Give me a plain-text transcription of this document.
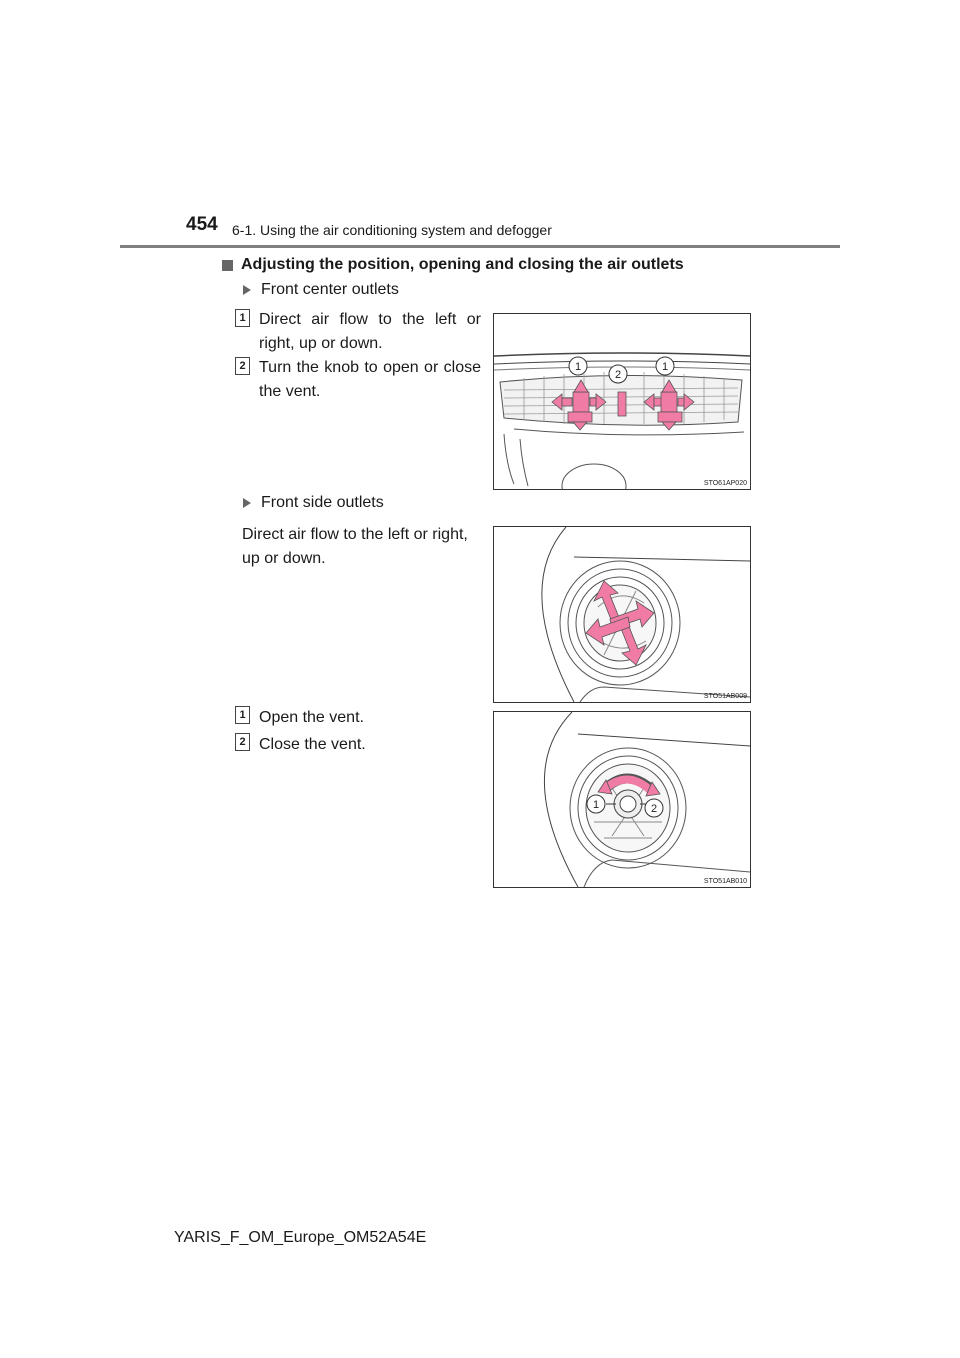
454 6-1. Using the air conditioning system and defogger
Adjusting the position, opening and closing the air outlets
Front center outlets
1 Direct air flow to the left or right, up or down.
2 Turn the knob to open or close the vent.
1
2
1
STO61AP020
Front side outlets
Direct air flow to the left or right, up or down.
STO51AB009
1 Open the vent.
2 Close the vent.
1	2
STO51AB010
YARIS_F_OM_Europe_OM52A54E
